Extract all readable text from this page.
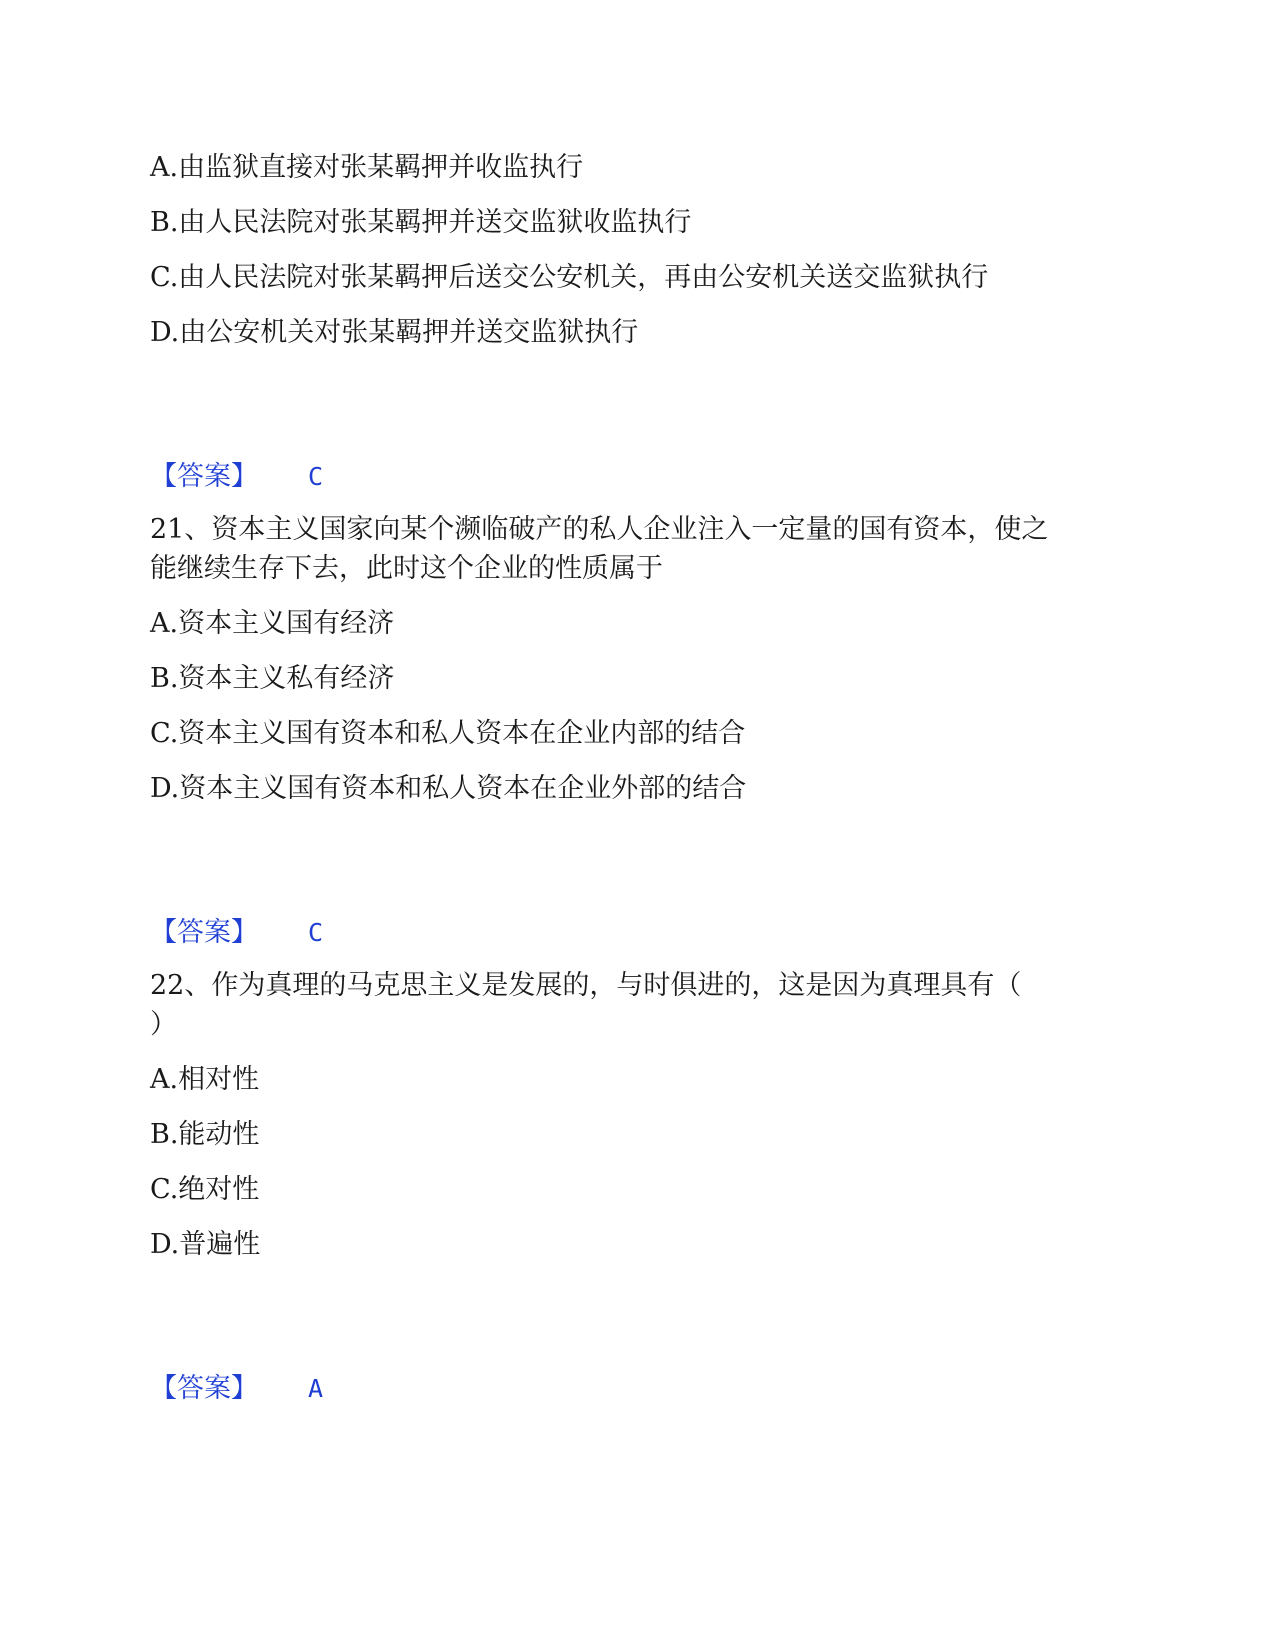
A.由监狱直接对张某羁押并收监执行
B.由人民法院对张某羁押并送交监狱收监执行
C.由人民法院对张某羁押后送交公安机关，再由公安机关送交监狱执行
D.由公安机关对张某羁押并送交监狱执行
【答案】 C
21、资本主义国家向某个濒临破产的私人企业注入一定量的国有资本，使之
能继续生存下去，此时这个企业的性质属于
A.资本主义国有经济
B.资本主义私有经济
C.资本主义国有资本和私人资本在企业内部的结合
D.资本主义国有资本和私人资本在企业外部的结合
【答案】 C
22、作为真理的马克思主义是发展的，与时俱进的，这是因为真理具有（
）
A.相对性
B.能动性
C.绝对性
D.普遍性
【答案】 A
